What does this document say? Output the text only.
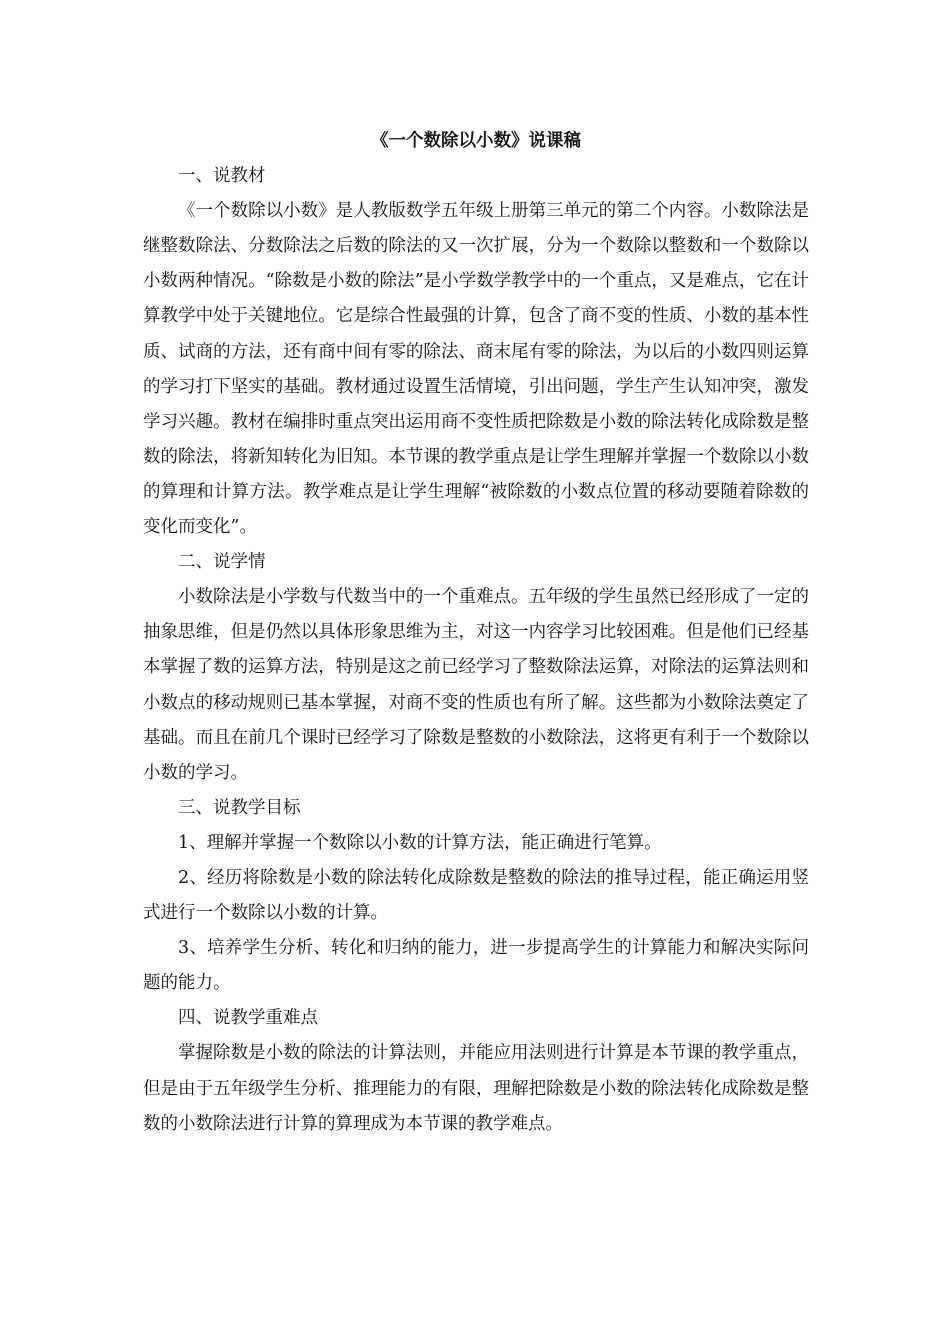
《一个数除以小数》说课稿

一、说教材

《一个数除以小数》是人教版数学五年级上册第三单元的第二个内容。小数除法是继整数除法、分数除法之后数的除法的又一次扩展，分为一个数除以整数和一个数除以小数两种情况。“除数是小数的除法”是小学数学教学中的一个重点，又是难点，它在计算教学中处于关键地位。它是综合性最强的计算，包含了商不变的性质、小数的基本性质、试商的方法，还有商中间有零的除法、商末尾有零的除法，为以后的小数四则运算的学习打下坚实的基础。教材通过设置生活情境，引出问题，学生产生认知冲突，激发学习兴趣。教材在编排时重点突出运用商不变性质把除数是小数的除法转化成除数是整数的除法，将新知转化为旧知。本节课的教学重点是让学生理解并掌握一个数除以小数的算理和计算方法。教学难点是让学生理解“被除数的小数点位置的移动要随着除数的变化而变化”。

二、说学情

小数除法是小学数与代数当中的一个重难点。五年级的学生虽然已经形成了一定的抽象思维，但是仍然以具体形象思维为主，对这一内容学习比较困难。但是他们已经基本掌握了数的运算方法，特别是这之前已经学习了整数除法运算，对除法的运算法则和小数点的移动规则已基本掌握，对商不变的性质也有所了解。这些都为小数除法奠定了基础。而且在前几个课时已经学习了除数是整数的小数除法，这将更有利于一个数除以小数的学习。

三、说教学目标

1、理解并掌握一个数除以小数的计算方法，能正确进行笔算。

2、经历将除数是小数的除法转化成除数是整数的除法的推导过程，能正确运用竖式进行一个数除以小数的计算。

3、培养学生分析、转化和归纳的能力，进一步提高学生的计算能力和解决实际问题的能力。

四、说教学重难点

掌握除数是小数的除法的计算法则，并能应用法则进行计算是本节课的教学重点，但是由于五年级学生分析、推理能力的有限，理解把除数是小数的除法转化成除数是整数的小数除法进行计算的算理成为本节课的教学难点。
